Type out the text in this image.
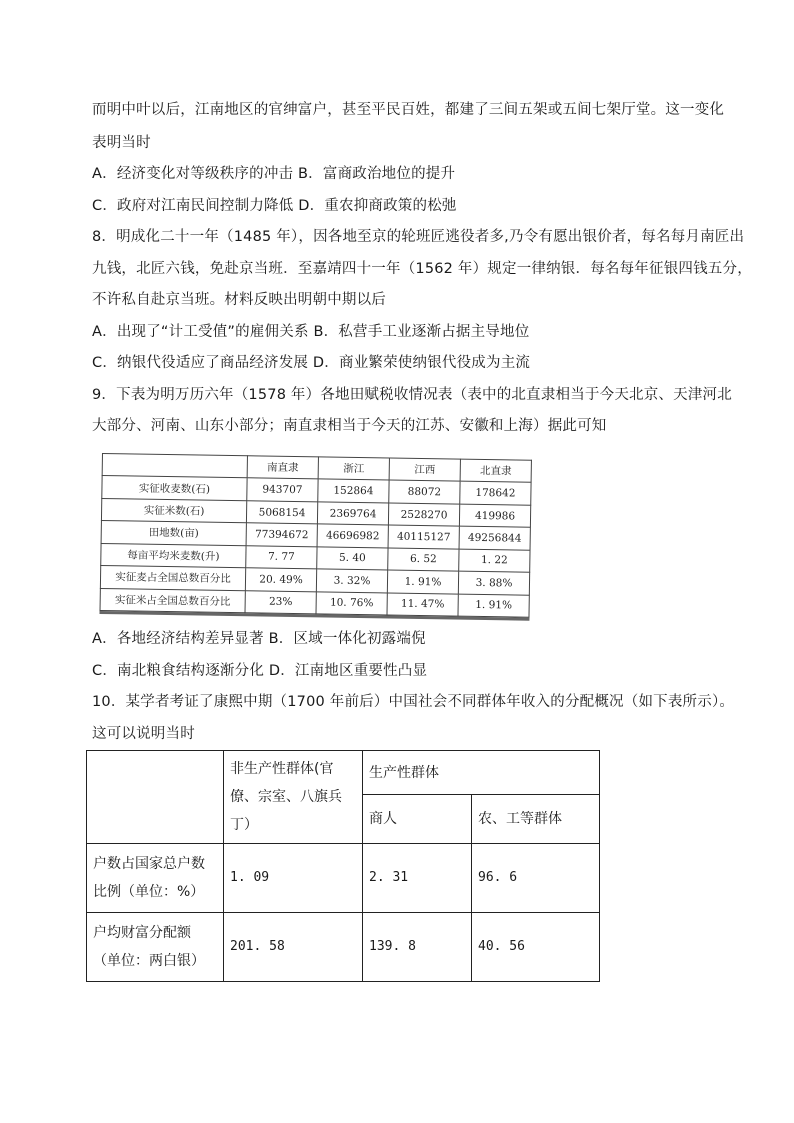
而明中叶以后，江南地区的官绅富户，甚至平民百姓，都建了三间五架或五间七架厅堂。这一变化
表明当时
A．经济变化对等级秩序的冲击 B．富商政治地位的提升
C．政府对江南民间控制力降低 D．重农抑商政策的松弛
8．明成化二十一年（1485 年），因各地至京的轮班匠逃役者多,乃令有愿出银价者，每名每月南匠出
九钱，北匠六钱，免赴京当班．至嘉靖四十一年（1562 年）规定一律纳银．每名每年征银四钱五分，
不许私自赴京当班。材料反映出明朝中期以后
A．出现了“计工受值”的雇佣关系 B．私营手工业逐渐占据主导地位
C．纳银代役适应了商品经济发展 D．商业繁荣使纳银代役成为主流
9．下表为明万历六年（1578 年）各地田赋税收情况表（表中的北直隶相当于今天北京、天津河北
大部分、河南、山东小部分；南直隶相当于今天的江苏、安徽和上海）据此可知
	南直隶	浙江	江西	北直隶
实征收麦数(石)	943707	152864	88072	178642
实征米数(石)	5068154	2369764	2528270	419986
田地数(亩)	77394672	46696982	40115127	49256844
每亩平均米麦数(升)	7. 77	5. 40	6. 52	1. 22
实征麦占全国总数百分比	20. 49%	3. 32%	1. 91%	3. 88%
实征米占全国总数百分比	23%	10. 76%	11. 47%	1. 91%
A．各地经济结构差异显著 B．区域一体化初露端倪
C．南北粮食结构逐渐分化 D．江南地区重要性凸显
10．某学者考证了康熙中期（1700 年前后）中国社会不同群体年收入的分配概况（如下表所示）。
这可以说明当时
	非生产性群体(官僚、宗室、八旗兵丁）	生产性群体	
		商人	农、工等群体
户数占国家总户数比例（单位：%）	1. 09	2. 31	96. 6
户均财富分配额（单位：两白银）	201. 58	139. 8	40. 56
